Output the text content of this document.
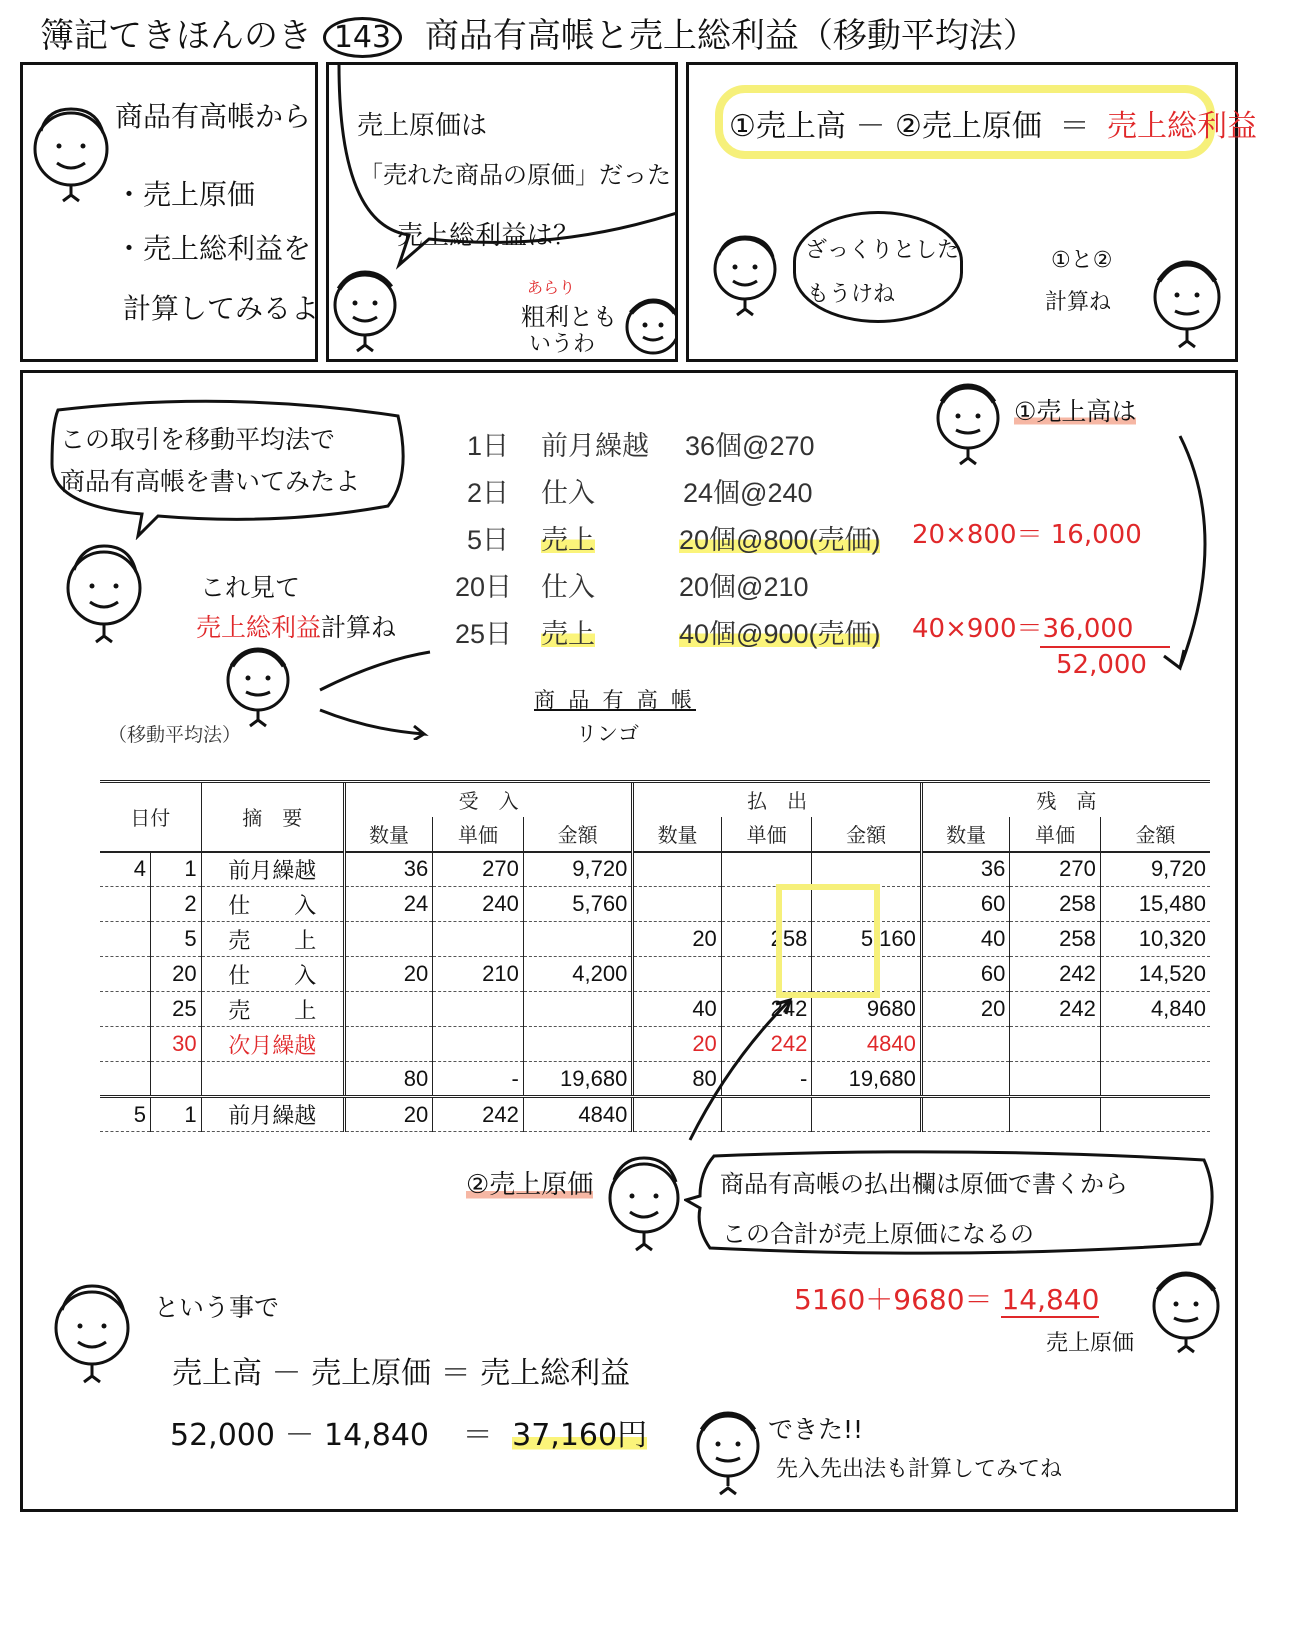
簿記てきほんのき 143 商品有高帳と売上総利益（移動平均法）
商品有高帳から
・売上原価
・売上総利益を
計算してみるよ
売上原価は
「売れた商品の原価」だった
売上総利益は？
あらり
粗利とも
いうわ
①売上高 － ②売上原価 ＝ 売上総利益
ざっくりとした
もうけね
①と②
計算ね
この取引を移動平均法で
商品有高帳を書いてみたよ
これ見て
売上総利益計算ね
1日 前月繰越 36個@270
2日 仕入	24個@240
5日 売上	20個@800(売価)
20日 仕入	20個@210
25日 売上	40個@900(売価)
①売上高は
20×800＝ 16,000
40×900＝36,000
52,000
商 品 有 高 帳
（移動平均法）	リンゴ
日付		摘　要	受　入			払　出			残　高		
			数量	単価	金額	数量	単価	金額	数量	単価	金額
4	1	前月繰越	36	270	9,720				36	270	9,720
	2	仕　　入	24	240	5,760				60	258	15,480
	5	売　　上				20	258	5,160	40	258	10,320
	20	仕　　入	20	210	4,200				60	242	14,520
	25	売　　上				40	242	9680	20	242	4,840
	30	次月繰越				20	242	4840			
			80	-	19,680	80	-	19,680			
5	1	前月繰越	20	242	4840						
②売上原価	商品有高帳の払出欄は原価で書くから
この合計が売上原価になるの
5160＋9680＝ 14,840
売上原価
という事で
売上高 － 売上原価 ＝ 売上総利益
52,000 － 14,840 ＝ 37,160円	できた!!
先入先出法も計算してみてね
